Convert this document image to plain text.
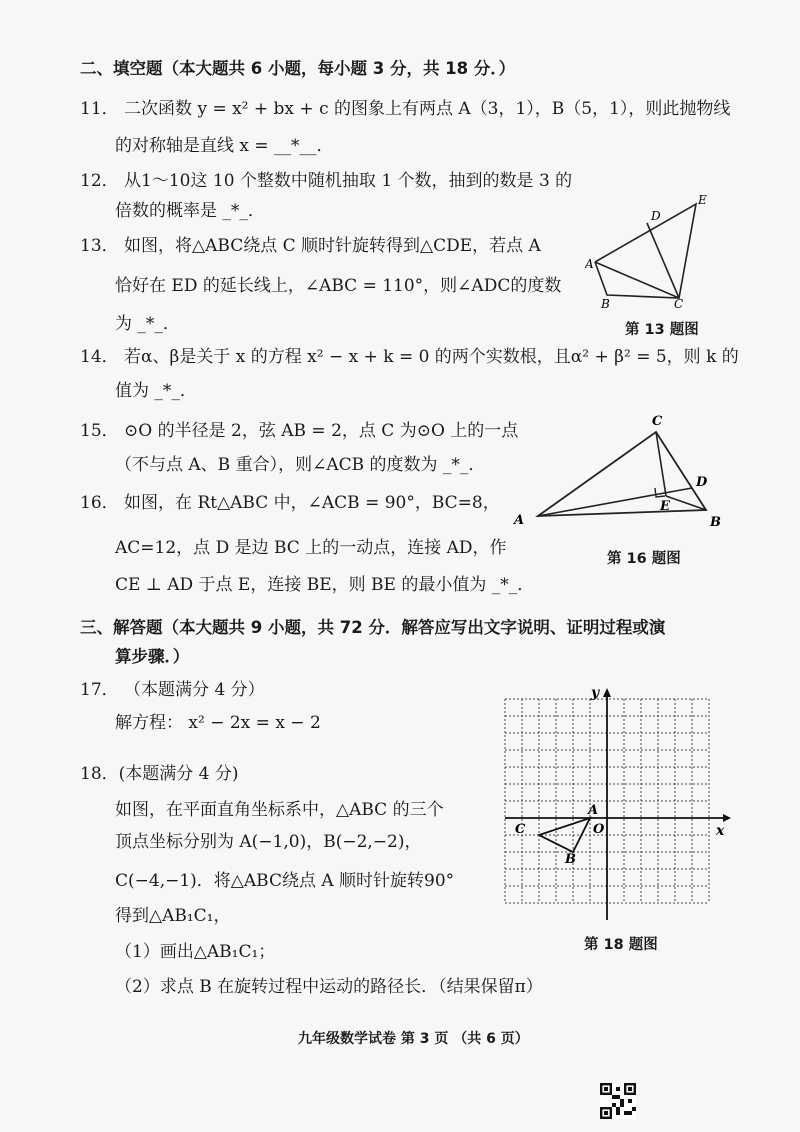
二、填空题（本大题共 6 小题，每小题 3 分，共 18 分．）
11． 二次函数 y = x² + bx + c 的图象上有两点 A（3，1），B（5，1），则此抛物线
的对称轴是直线 x = __*__．
12． 从1～10这 10 个整数中随机抽取 1 个数，抽到的数是 3 的
倍数的概率是 _*_．
13． 如图，将△ABC绕点 C 顺时针旋转得到△CDE，若点 A
恰好在 ED 的延长线上，∠ABC = 110°，则∠ADC的度数
为 _*_．
A
B	C
D
E
第 13 题图
14． 若α、β是关于 x 的方程 x² − x + k = 0 的两个实数根，且α² + β² = 5，则 k 的
值为 _*_．
15． ⊙O 的半径是 2，弦 AB = 2，点 C 为⊙O 上的一点
（不与点 A、B 重合），则∠ACB 的度数为 _*_．
16． 如图，在 Rt△ABC 中，∠ACB = 90°，BC=8，
AC=12，点 D 是边 BC 上的一动点，连接 AD，作
CE ⊥ AD 于点 E，连接 BE，则 BE 的最小值为 _*_．
A	B
C
D
E
第 16 题图
三、解答题（本大题共 9 小题，共 72 分．解答应写出文字说明、证明过程或演
算步骤．）
17． （本题满分 4 分）
解方程： x² − 2x = x − 2
18．(本题满分 4 分)
如图，在平面直角坐标系中，△ABC 的三个
顶点坐标分别为 A(−1,0)，B(−2,−2)，
C(−4,−1)．将△ABC绕点 A 顺时针旋转90°
得到△AB₁C₁，
（1）画出△AB₁C₁；
（2）求点 B 在旋转过程中运动的路径长．（结果保留π）
x
y
A
B
C	O
第 18 题图
九年级数学试卷 第 3 页 （共 6 页）
